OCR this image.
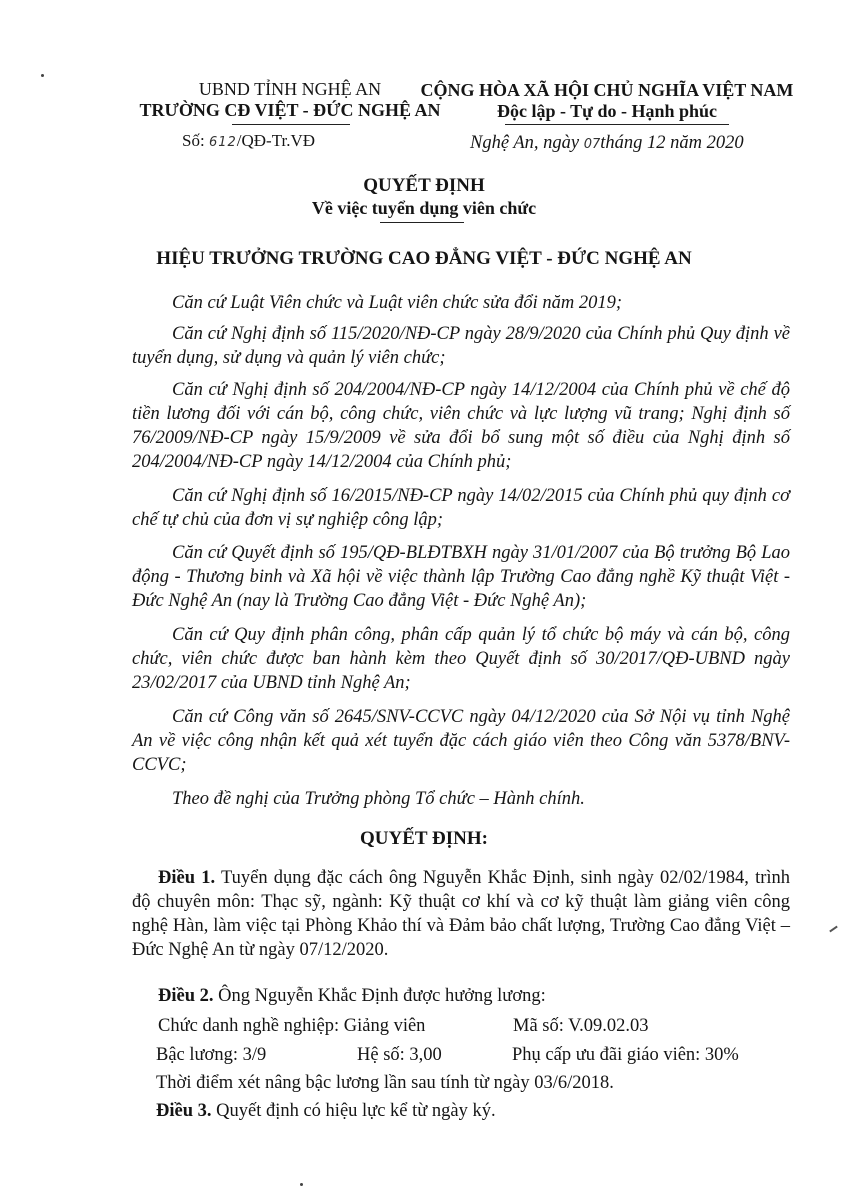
UBND TỈNH NGHỆ AN
TRƯỜNG CĐ VIỆT - ĐỨC NGHỆ AN
Số: 612/QĐ-Tr.VĐ
CỘNG HÒA XÃ HỘI CHỦ NGHĨA VIỆT NAM
Độc lập - Tự do - Hạnh phúc
Nghệ An, ngày 07tháng 12 năm 2020
QUYẾT ĐỊNH
Về việc tuyển dụng viên chức
HIỆU TRƯỞNG TRƯỜNG CAO ĐẲNG VIỆT - ĐỨC NGHỆ AN
Căn cứ Luật Viên chức và Luật viên chức sửa đổi năm 2019;
Căn cứ Nghị định số 115/2020/NĐ-CP ngày 28/9/2020 của Chính phủ Quy định về tuyển dụng, sử dụng và quản lý viên chức;
Căn cứ Nghị định số 204/2004/NĐ-CP ngày 14/12/2004 của Chính phủ về chế độ tiền lương đối với cán bộ, công chức, viên chức và lực lượng vũ trang; Nghị định số 76/2009/NĐ-CP ngày 15/9/2009 về sửa đổi bổ sung một số điều của Nghị định số 204/2004/NĐ-CP ngày 14/12/2004 của Chính phủ;
Căn cứ Nghị định số 16/2015/NĐ-CP ngày 14/02/2015 của Chính phủ quy định cơ chế tự chủ của đơn vị sự nghiệp công lập;
Căn cứ Quyết định số 195/QĐ-BLĐTBXH ngày 31/01/2007 của Bộ trưởng Bộ Lao động - Thương binh và Xã hội về việc thành lập Trường Cao đẳng nghề Kỹ thuật Việt - Đức Nghệ An (nay là Trường Cao đẳng Việt - Đức Nghệ An);
Căn cứ Quy định phân công, phân cấp quản lý tổ chức bộ máy và cán bộ, công chức, viên chức được ban hành kèm theo Quyết định số 30/2017/QĐ-UBND ngày 23/02/2017 của UBND tỉnh Nghệ An;
Căn cứ Công văn số 2645/SNV-CCVC ngày 04/12/2020 của Sở Nội vụ tỉnh Nghệ An về việc công nhận kết quả xét tuyển đặc cách giáo viên theo Công văn 5378/BNV-CCVC;
Theo đề nghị của Trưởng phòng Tổ chức – Hành chính.
QUYẾT ĐỊNH:
Điều 1. Tuyển dụng đặc cách ông Nguyễn Khắc Định, sinh ngày 02/02/1984, trình độ chuyên môn: Thạc sỹ, ngành: Kỹ thuật cơ khí và cơ kỹ thuật làm giảng viên công nghệ Hàn, làm việc tại Phòng Khảo thí và Đảm bảo chất lượng, Trường Cao đẳng Việt – Đức Nghệ An từ ngày 07/12/2020.
Điều 2. Ông Nguyễn Khắc Định được hưởng lương:
Chức danh nghề nghiệp: Giảng viên	Mã số: V.09.02.03
Bậc lương: 3/9	Hệ số: 3,00	Phụ cấp ưu đãi giáo viên: 30%
Thời điểm xét nâng bậc lương lần sau tính từ ngày 03/6/2018.
Điều 3. Quyết định có hiệu lực kể từ ngày ký.
